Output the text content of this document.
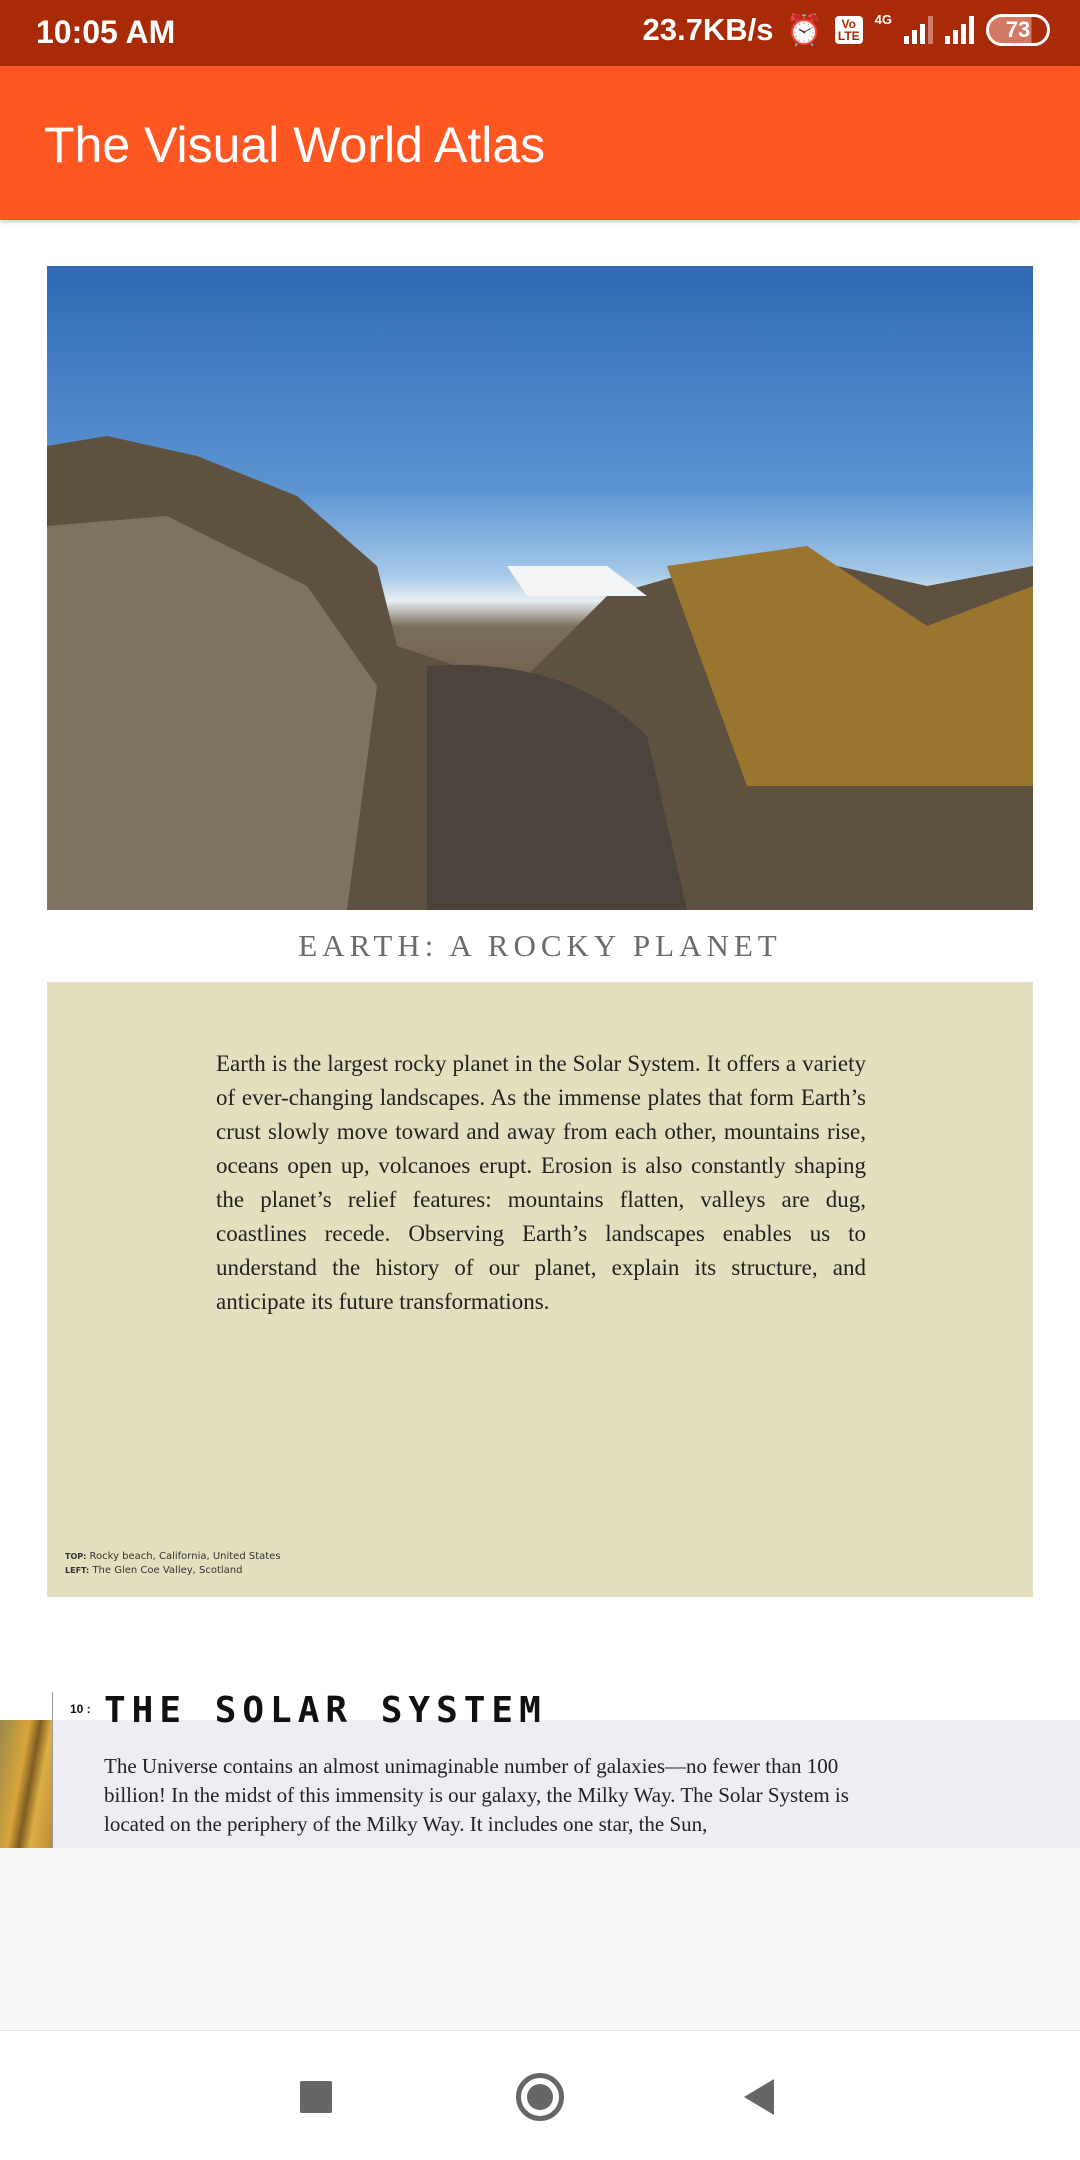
10:05 AM	23.7KB/s ⏰	Vo
LTE
4G	73
The Visual World Atlas
EARTH: A ROCKY PLANET

Earth is the largest rocky planet in the Solar System. It offers a variety of ever-changing landscapes. As the immense plates that form Earth’s crust slowly move toward and away from each other, mountains rise, oceans open up, volcanoes erupt. Erosion is also constantly shaping the planet’s relief features: mountains flatten, valleys are dug, coastlines recede. Observing Earth’s landscapes enables us to understand the history of our planet, explain its structure, and anticipate its future transformations.

TOP: Rocky beach, California, United States
LEFT: The Glen Coe Valley, Scotland
10 : THE SOLAR SYSTEM

The Universe contains an almost unimaginable number of galaxies—no fewer than 100 billion! In the midst of this immensity is our galaxy, the Milky Way. The Solar System is located on the periphery of the Milky Way. It includes one star, the Sun,
